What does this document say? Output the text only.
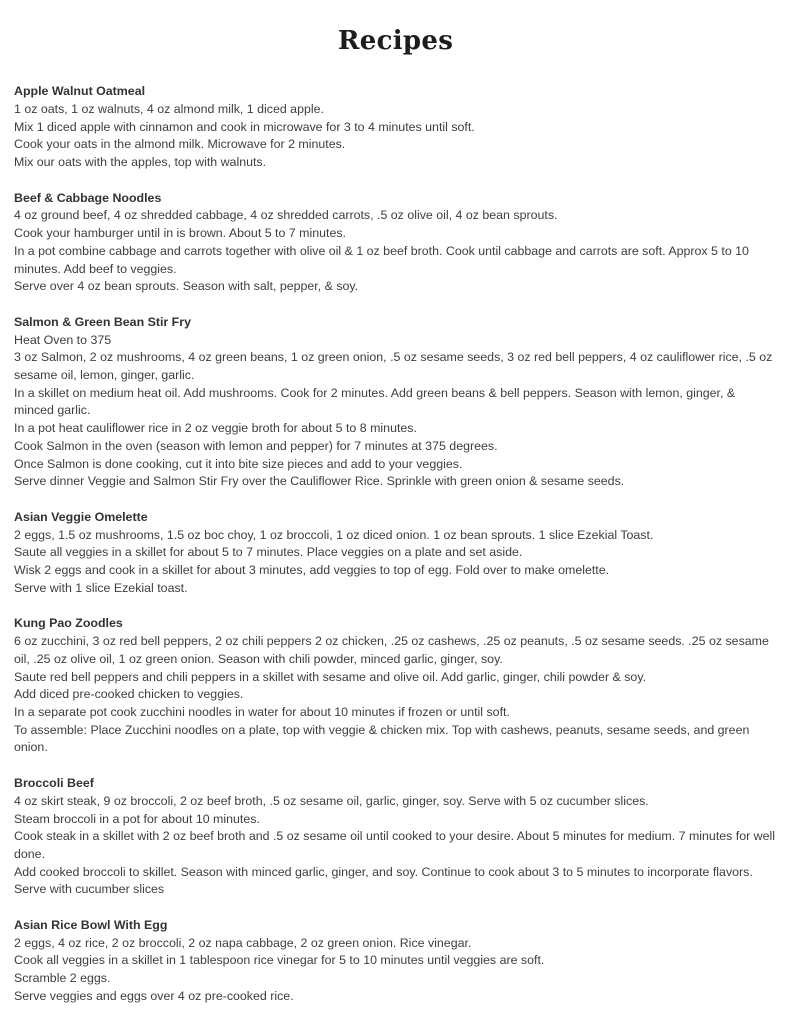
Recipes
Apple Walnut Oatmeal
1 oz oats, 1 oz walnuts, 4 oz almond milk, 1 diced apple.
Mix 1 diced apple with cinnamon and cook in microwave for 3 to 4 minutes until soft.
Cook your oats in the almond milk. Microwave for 2 minutes.
Mix our oats with the apples, top with walnuts.
Beef & Cabbage Noodles
4 oz ground beef, 4 oz shredded cabbage, 4 oz shredded carrots, .5 oz olive oil, 4 oz bean sprouts.
Cook your hamburger until in is brown. About 5 to 7 minutes.
In a pot combine cabbage and carrots together with olive oil & 1 oz beef broth. Cook until cabbage and carrots are soft. Approx 5 to 10 minutes. Add beef to veggies.
Serve over 4 oz bean sprouts. Season with salt, pepper, & soy.
Salmon & Green Bean Stir Fry
Heat Oven to 375
3 oz Salmon, 2 oz mushrooms, 4 oz green beans, 1 oz green onion, .5 oz sesame seeds, 3 oz red bell peppers, 4 oz cauliflower rice, .5 oz sesame oil, lemon, ginger, garlic.
In a skillet on medium heat oil. Add mushrooms. Cook for 2 minutes. Add green beans & bell peppers. Season with lemon, ginger, & minced garlic.
In a pot heat cauliflower rice in 2 oz veggie broth for about 5 to 8 minutes.
Cook Salmon in the oven (season with lemon and pepper) for 7 minutes at 375 degrees.
Once Salmon is done cooking, cut it into bite size pieces and add to your veggies.
Serve dinner Veggie and Salmon Stir Fry over the Cauliflower Rice. Sprinkle with green onion & sesame seeds.
Asian Veggie Omelette
2 eggs, 1.5 oz mushrooms, 1.5 oz boc choy, 1 oz broccoli, 1 oz diced onion. 1 oz bean sprouts. 1 slice Ezekial Toast.
Saute all veggies in a skillet for about 5 to 7 minutes. Place veggies on a plate and set aside.
Wisk 2 eggs and cook in a skillet for about 3 minutes, add veggies to top of egg. Fold over to make omelette.
Serve with 1 slice Ezekial toast.
Kung Pao Zoodles
6 oz zucchini, 3 oz red bell peppers, 2 oz chili peppers 2 oz chicken, .25 oz cashews, .25 oz peanuts, .5 oz sesame seeds. .25 oz sesame oil, .25 oz olive oil, 1 oz green onion. Season with chili powder, minced garlic, ginger, soy.
Saute red bell peppers and chili peppers in a skillet with sesame and olive oil. Add garlic, ginger, chili powder & soy.
Add diced pre-cooked chicken to veggies.
In a separate pot cook zucchini noodles in water for about 10 minutes if frozen or until soft.
To assemble: Place Zucchini noodles on a plate, top with veggie & chicken mix. Top with cashews, peanuts, sesame seeds, and green onion.
Broccoli Beef
4 oz skirt steak, 9 oz broccoli, 2 oz beef broth, .5 oz sesame oil, garlic, ginger, soy. Serve with 5 oz cucumber slices.
Steam broccoli in a pot for about 10 minutes.
Cook steak in a skillet with 2 oz beef broth and .5 oz sesame oil until cooked to your desire. About 5 minutes for medium. 7 minutes for well done.
Add cooked broccoli to skillet. Season with minced garlic, ginger, and soy. Continue to cook about 3 to 5 minutes to incorporate flavors. Serve with cucumber slices
Asian Rice Bowl With Egg
2 eggs, 4 oz rice, 2 oz broccoli, 2 oz napa cabbage, 2 oz green onion. Rice vinegar.
Cook all veggies in a skillet in 1 tablespoon rice vinegar for 5 to 10 minutes until veggies are soft.
Scramble 2 eggs.
Serve veggies and eggs over 4 oz pre-cooked rice.
